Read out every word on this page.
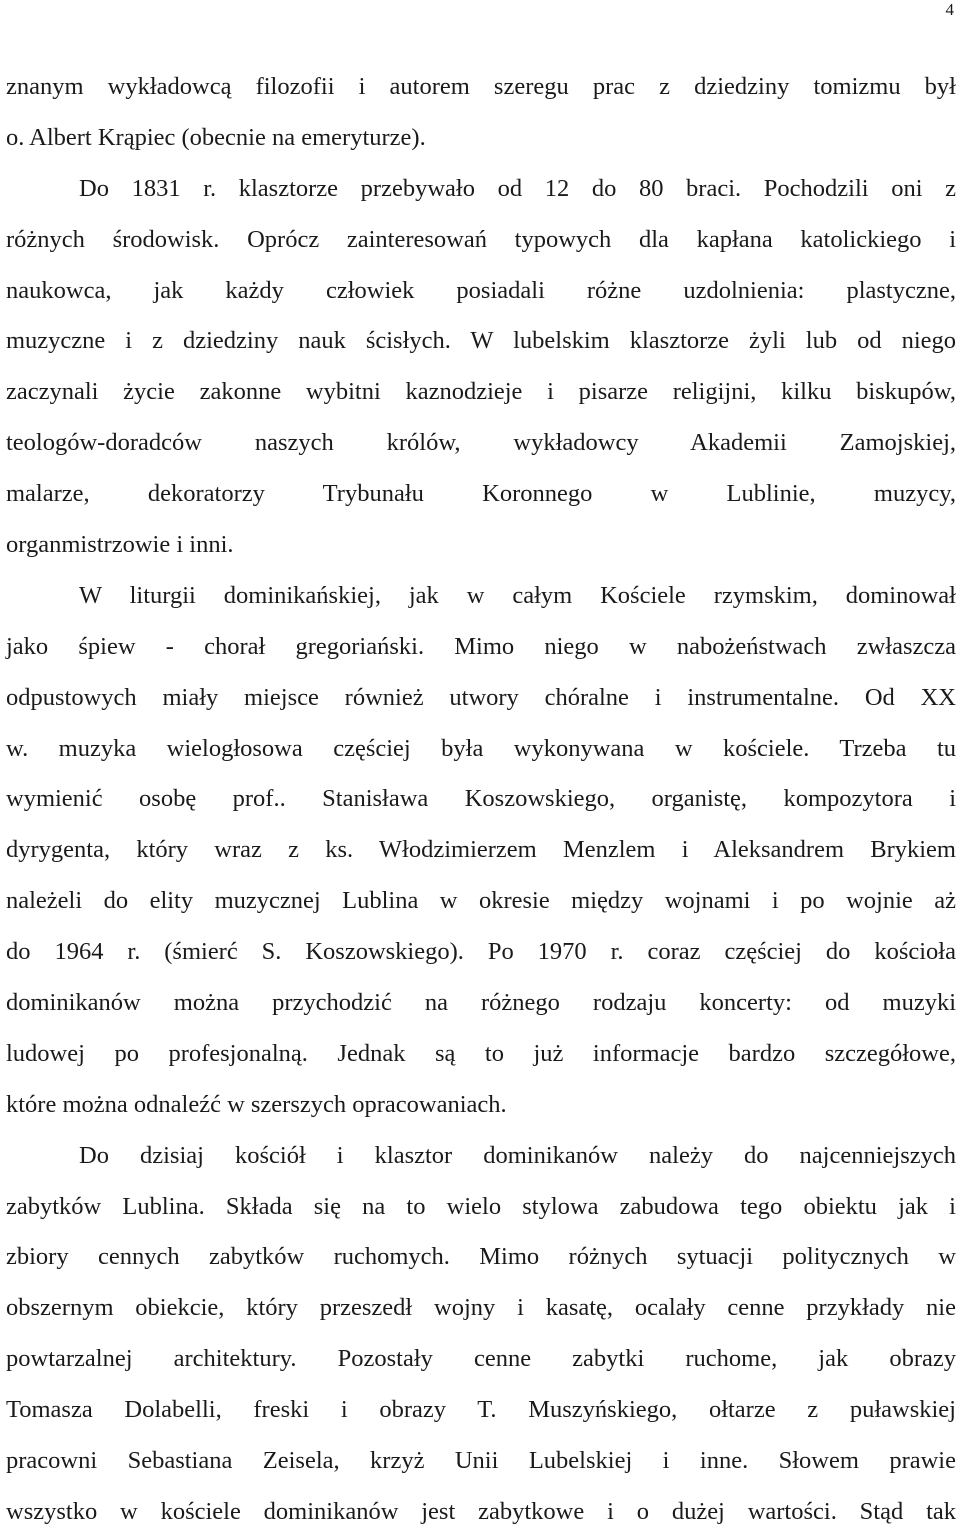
4
znanym wykładowcą filozofii i autorem szeregu prac z dziedziny tomizmu był
o. Albert Krąpiec (obecnie na emeryturze).
Do 1831 r. klasztorze przebywało od 12 do 80 braci. Pochodzili oni z
różnych środowisk. Oprócz zainteresowań typowych dla kapłana katolickiego i
naukowca, jak każdy człowiek posiadali różne uzdolnienia: plastyczne,
muzyczne i z dziedziny nauk ścisłych. W lubelskim klasztorze żyli lub od niego
zaczynali życie zakonne wybitni kaznodzieje i pisarze religijni, kilku biskupów,
teologów-doradców naszych królów, wykładowcy Akademii Zamojskiej,
malarze, dekoratorzy Trybunału Koronnego w Lublinie, muzycy,
organmistrzowie i inni.
W liturgii dominikańskiej, jak w całym Kościele rzymskim, dominował
jako śpiew - chorał gregoriański. Mimo niego w nabożeństwach zwłaszcza
odpustowych miały miejsce również utwory chóralne i instrumentalne. Od XX
w. muzyka wielogłosowa częściej była wykonywana w kościele. Trzeba tu
wymienić osobę prof.. Stanisława Koszowskiego, organistę, kompozytora i
dyrygenta, który wraz z ks. Włodzimierzem Menzlem i Aleksandrem Brykiem
należeli do elity muzycznej Lublina w okresie między wojnami i po wojnie aż
do 1964 r. (śmierć S. Koszowskiego). Po 1970 r. coraz częściej do kościoła
dominikanów można przychodzić na różnego rodzaju koncerty: od muzyki
ludowej po profesjonalną. Jednak są to już informacje bardzo szczegółowe,
które można odnaleźć w szerszych opracowaniach.
Do dzisiaj kościół i klasztor dominikanów należy do najcenniejszych
zabytków Lublina. Składa się na to wielo stylowa zabudowa tego obiektu jak i
zbiory cennych zabytków ruchomych. Mimo różnych sytuacji politycznych w
obszernym obiekcie, który przeszedł wojny i kasatę, ocalały cenne przykłady nie
powtarzalnej architektury. Pozostały cenne zabytki ruchome, jak obrazy
Tomasza Dolabelli, freski i obrazy T. Muszyńskiego, ołtarze z puławskiej
pracowni Sebastiana Zeisela, krzyż Unii Lubelskiej i inne. Słowem prawie
wszystko w kościele dominikanów jest zabytkowe i o dużej wartości. Stąd tak
